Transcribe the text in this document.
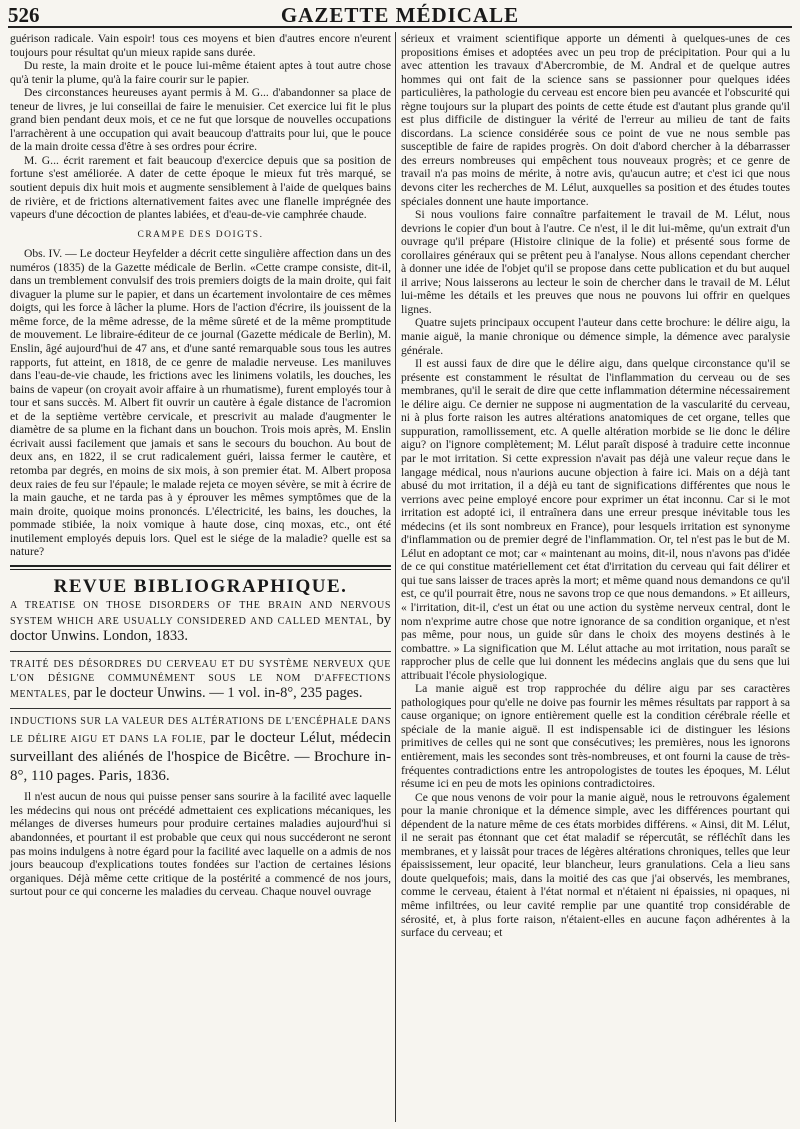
526	GAZETTE MÉDICALE

guérison radicale. Vain espoir! tous ces moyens et bien d'autres encore n'eurent toujours pour résultat qu'un mieux rapide sans durée.

Du reste, la main droite et le pouce lui-même étaient aptes à tout autre chose qu'à tenir la plume, qu'à la faire courir sur le papier.

Des circonstances heureuses ayant permis à M. G... d'abandonner sa place de teneur de livres, je lui conseillai de faire le menuisier. Cet exercice lui fit le plus grand bien pendant deux mois, et ce ne fut que lorsque de nouvelles occupations l'arrachèrent à une occupation qui avait beaucoup d'attraits pour lui, que le pouce de la main droite cessa d'être à ses ordres pour écrire.

M. G... écrit rarement et fait beaucoup d'exercice depuis que sa position de fortune s'est améliorée. A dater de cette époque le mieux fut très marqué, se soutient depuis dix huit mois et augmente sensiblement à l'aide de quelques bains de rivière, et de frictions alternativement faites avec une flanelle imprégnée des vapeurs d'une décoction de plantes labiées, et d'eau-de-vie camphrée chaude.

CRAMPE DES DOIGTS.

Obs. IV. — Le docteur Heyfelder a décrit cette singulière affection dans un des numéros (1835) de la Gazette médicale de Berlin. «Cette crampe consiste, dit-il, dans un tremblement convulsif des trois premiers doigts de la main droite, qui fait divaguer la plume sur le papier, et dans un écartement involontaire de ces mêmes doigts, qui les force à lâcher la plume. Hors de l'action d'écrire, ils jouissent de la même force, de la même adresse, de la même sûreté et de la même promptitude de mouvement. Le libraire-éditeur de ce journal (Gazette médicale de Berlin), M. Enslin, âgé aujourd'hui de 47 ans, et d'une santé remarquable sous tous les autres rapports, fut atteint, en 1818, de ce genre de maladie nerveuse. Les maniluves dans l'eau-de-vie chaude, les frictions avec les linimens volatils, les douches, les bains de vapeur (on croyait avoir affaire à un rhumatisme), furent employés tour à tour et sans succès. M. Albert fit ouvrir un cautère à égale distance de l'acromion et de la septième vertèbre cervicale, et prescrivit au malade d'augmenter le diamètre de sa plume en la fichant dans un bouchon. Trois mois après, M. Enslin écrivait aussi facilement que jamais et sans le secours du bouchon. Au bout de deux ans, en 1822, il se crut radicalement guéri, laissa fermer le cautère, et retomba par degrés, en moins de six mois, à son premier état. M. Albert proposa deux raies de feu sur l'épaule; le malade rejeta ce moyen sévère, se mit à écrire de la main gauche, et ne tarda pas à y éprouver les mêmes symptômes que de la main droite, quoique moins prononcés. L'électricité, les bains, les douches, la pommade stibiée, la noix vomique à haute dose, cinq moxas, etc., ont été inutilement employés depuis lors. Quel est le siége de la maladie? quelle est sa nature?

REVUE BIBLIOGRAPHIQUE.

A TREATISE ON THOSE DISORDERS OF THE BRAIN AND NERVOUS SYSTEM WHICH ARE USUALLY CONSIDERED AND CALLED MENTAL, by doctor Unwins. London, 1833.

TRAITÉ DES DÉSORDRES DU CERVEAU ET DU SYSTÈME NERVEUX QUE L'ON DÉSIGNE COMMUNÉMENT SOUS LE NOM D'AFFECTIONS MENTALES, par le docteur Unwins. — 1 vol. in-8°, 235 pages.

INDUCTIONS SUR LA VALEUR DES ALTÉRATIONS DE L'ENCÉPHALE DANS LE DÉLIRE AIGU ET DANS LA FOLIE, par le docteur Lélut, médecin surveillant des aliénés de l'hospice de Bicêtre. — Brochure in-8°, 110 pages. Paris, 1836.

Il n'est aucun de nous qui puisse penser sans sourire à la facilité avec laquelle les médecins qui nous ont précédé admettaient ces explications mécaniques, les mélanges de diverses humeurs pour produire certaines maladies aujourd'hui si abandonnées, et pourtant il est probable que ceux qui nous succéderont ne seront pas moins indulgens à notre égard pour la facilité avec laquelle on a admis de nos jours beaucoup d'explications toutes fondées sur l'action de certaines lésions organiques. Déjà même cette critique de la postérité a commencé de nos jours, surtout pour ce qui concerne les maladies du cerveau. Chaque nouvel ouvrage

sérieux et vraiment scientifique apporte un démenti à quelques-unes de ces propositions émises et adoptées avec un peu trop de précipitation. Pour qui a lu avec attention les travaux d'Abercrombie, de M. Andral et de quelque autres hommes qui ont fait de la science sans se passionner pour quelques idées particulières, la pathologie du cerveau est encore bien peu avancée et l'obscurité qui règne toujours sur la plupart des points de cette étude est d'autant plus grande qu'il est plus difficile de distinguer la vérité de l'erreur au milieu de tant de faits discordans. La science considérée sous ce point de vue ne nous semble pas susceptible de faire de rapides progrès. On doit d'abord chercher à la débarrasser des erreurs nombreuses qui empêchent tous nouveaux progrès; et ce genre de travail n'a pas moins de mérite, à notre avis, qu'aucun autre; et c'est ici que nous devons citer les recherches de M. Lélut, auxquelles sa position et des études toutes spéciales donnent une haute importance.

Si nous voulions faire connaître parfaitement le travail de M. Lélut, nous devrions le copier d'un bout à l'autre. Ce n'est, il le dit lui-même, qu'un extrait d'un ouvrage qu'il prépare (Histoire clinique de la folie) et présenté sous forme de corollaires généraux qui se prêtent peu à l'analyse. Nous allons cependant chercher à donner une idée de l'objet qu'il se propose dans cette publication et du but auquel il arrive; Nous laisserons au lecteur le soin de chercher dans le travail de M. Lélut lui-même les détails et les preuves que nous ne pouvons lui offrir en quelques lignes.

Quatre sujets principaux occupent l'auteur dans cette brochure: le délire aigu, la manie aiguë, la manie chronique ou démence simple, la démence avec paralysie générale.

Il est aussi faux de dire que le délire aigu, dans quelque circonstance qu'il se présente est constamment le résultat de l'inflammation du cerveau ou de ses membranes, qu'il le serait de dire que cette inflammation détermine nécessairement le délire aigu. Ce dernier ne suppose ni augmentation de la vascularité du cerveau, ni à plus forte raison les autres altérations anatomiques de cet organe, telles que suppuration, ramollissement, etc. A quelle altération morbide se lie donc le délire aigu? on l'ignore complètement; M. Lélut paraît disposé à traduire cette inconnue par le mot irritation. Si cette expression n'avait pas déjà une valeur reçue dans le langage médical, nous n'aurions aucune objection à faire ici. Mais on a déjà tant abusé du mot irritation, il a déjà eu tant de significations différentes que nous le verrions avec peine employé encore pour exprimer un état inconnu. Car si le mot irritation est adopté ici, il entraînera dans une erreur presque inévitable tous les médecins (et ils sont nombreux en France), pour lesquels irritation est synonyme d'inflammation ou de premier degré de l'inflammation. Or, tel n'est pas le but de M. Lélut en adoptant ce mot; car « maintenant au moins, dit-il, nous n'avons pas d'idée de ce qui constitue matériellement cet état d'irritation du cerveau qui fait délirer et qui tue sans laisser de traces après la mort; et même quand nous demandons ce qu'il est, ce qu'il pourrait être, nous ne savons trop ce que nous demandons. » Et ailleurs, « l'irritation, dit-il, c'est un état ou une action du système nerveux central, dont le nom n'exprime autre chose que notre ignorance de sa condition organique, et n'est pas même, pour nous, un guide sûr dans le choix des moyens destinés à le combattre. » La signification que M. Lélut attache au mot irritation, nous paraît se rapprocher plus de celle que lui donnent les médecins anglais que du sens que lui attribuait l'école physiologique.

La manie aiguë est trop rapprochée du délire aigu par ses caractères pathologiques pour qu'elle ne doive pas fournir les mêmes résultats par rapport à sa cause organique; on ignore entièrement quelle est la condition cérébrale réelle et spéciale de la manie aiguë. Il est indispensable ici de distinguer les lésions primitives de celles qui ne sont que consécutives; les premières, nous les ignorons entièrement, mais les secondes sont très-nombreuses, et ont fourni la cause de très-fréquentes contradictions entre les antropologistes de toutes les époques, M. Lélut résume ici en peu de mots les opinions contradictoires.

Ce que nous venons de voir pour la manie aiguë, nous le retrouvons également pour la manie chronique et la démence simple, avec les différences pourtant qui dépendent de la nature même de ces états morbides différens. « Ainsi, dit M. Lélut, il ne serait pas étonnant que cet état maladif se répercutât, se réfléchît dans les membranes, et y laissât pour traces de légères altérations chroniques, telles que leur épaississement, leur opacité, leur blancheur, leurs granulations. Cela a lieu sans doute quelquefois; mais, dans la moitié des cas que j'ai observés, les membranes, comme le cerveau, étaient à l'état normal et n'étaient ni épaissies, ni opaques, ni même infiltrées, ou leur cavité remplie par une quantité trop considérable de sérosité, et, à plus forte raison, n'étaient-elles en aucune façon adhérentes à la surface du cerveau; et
